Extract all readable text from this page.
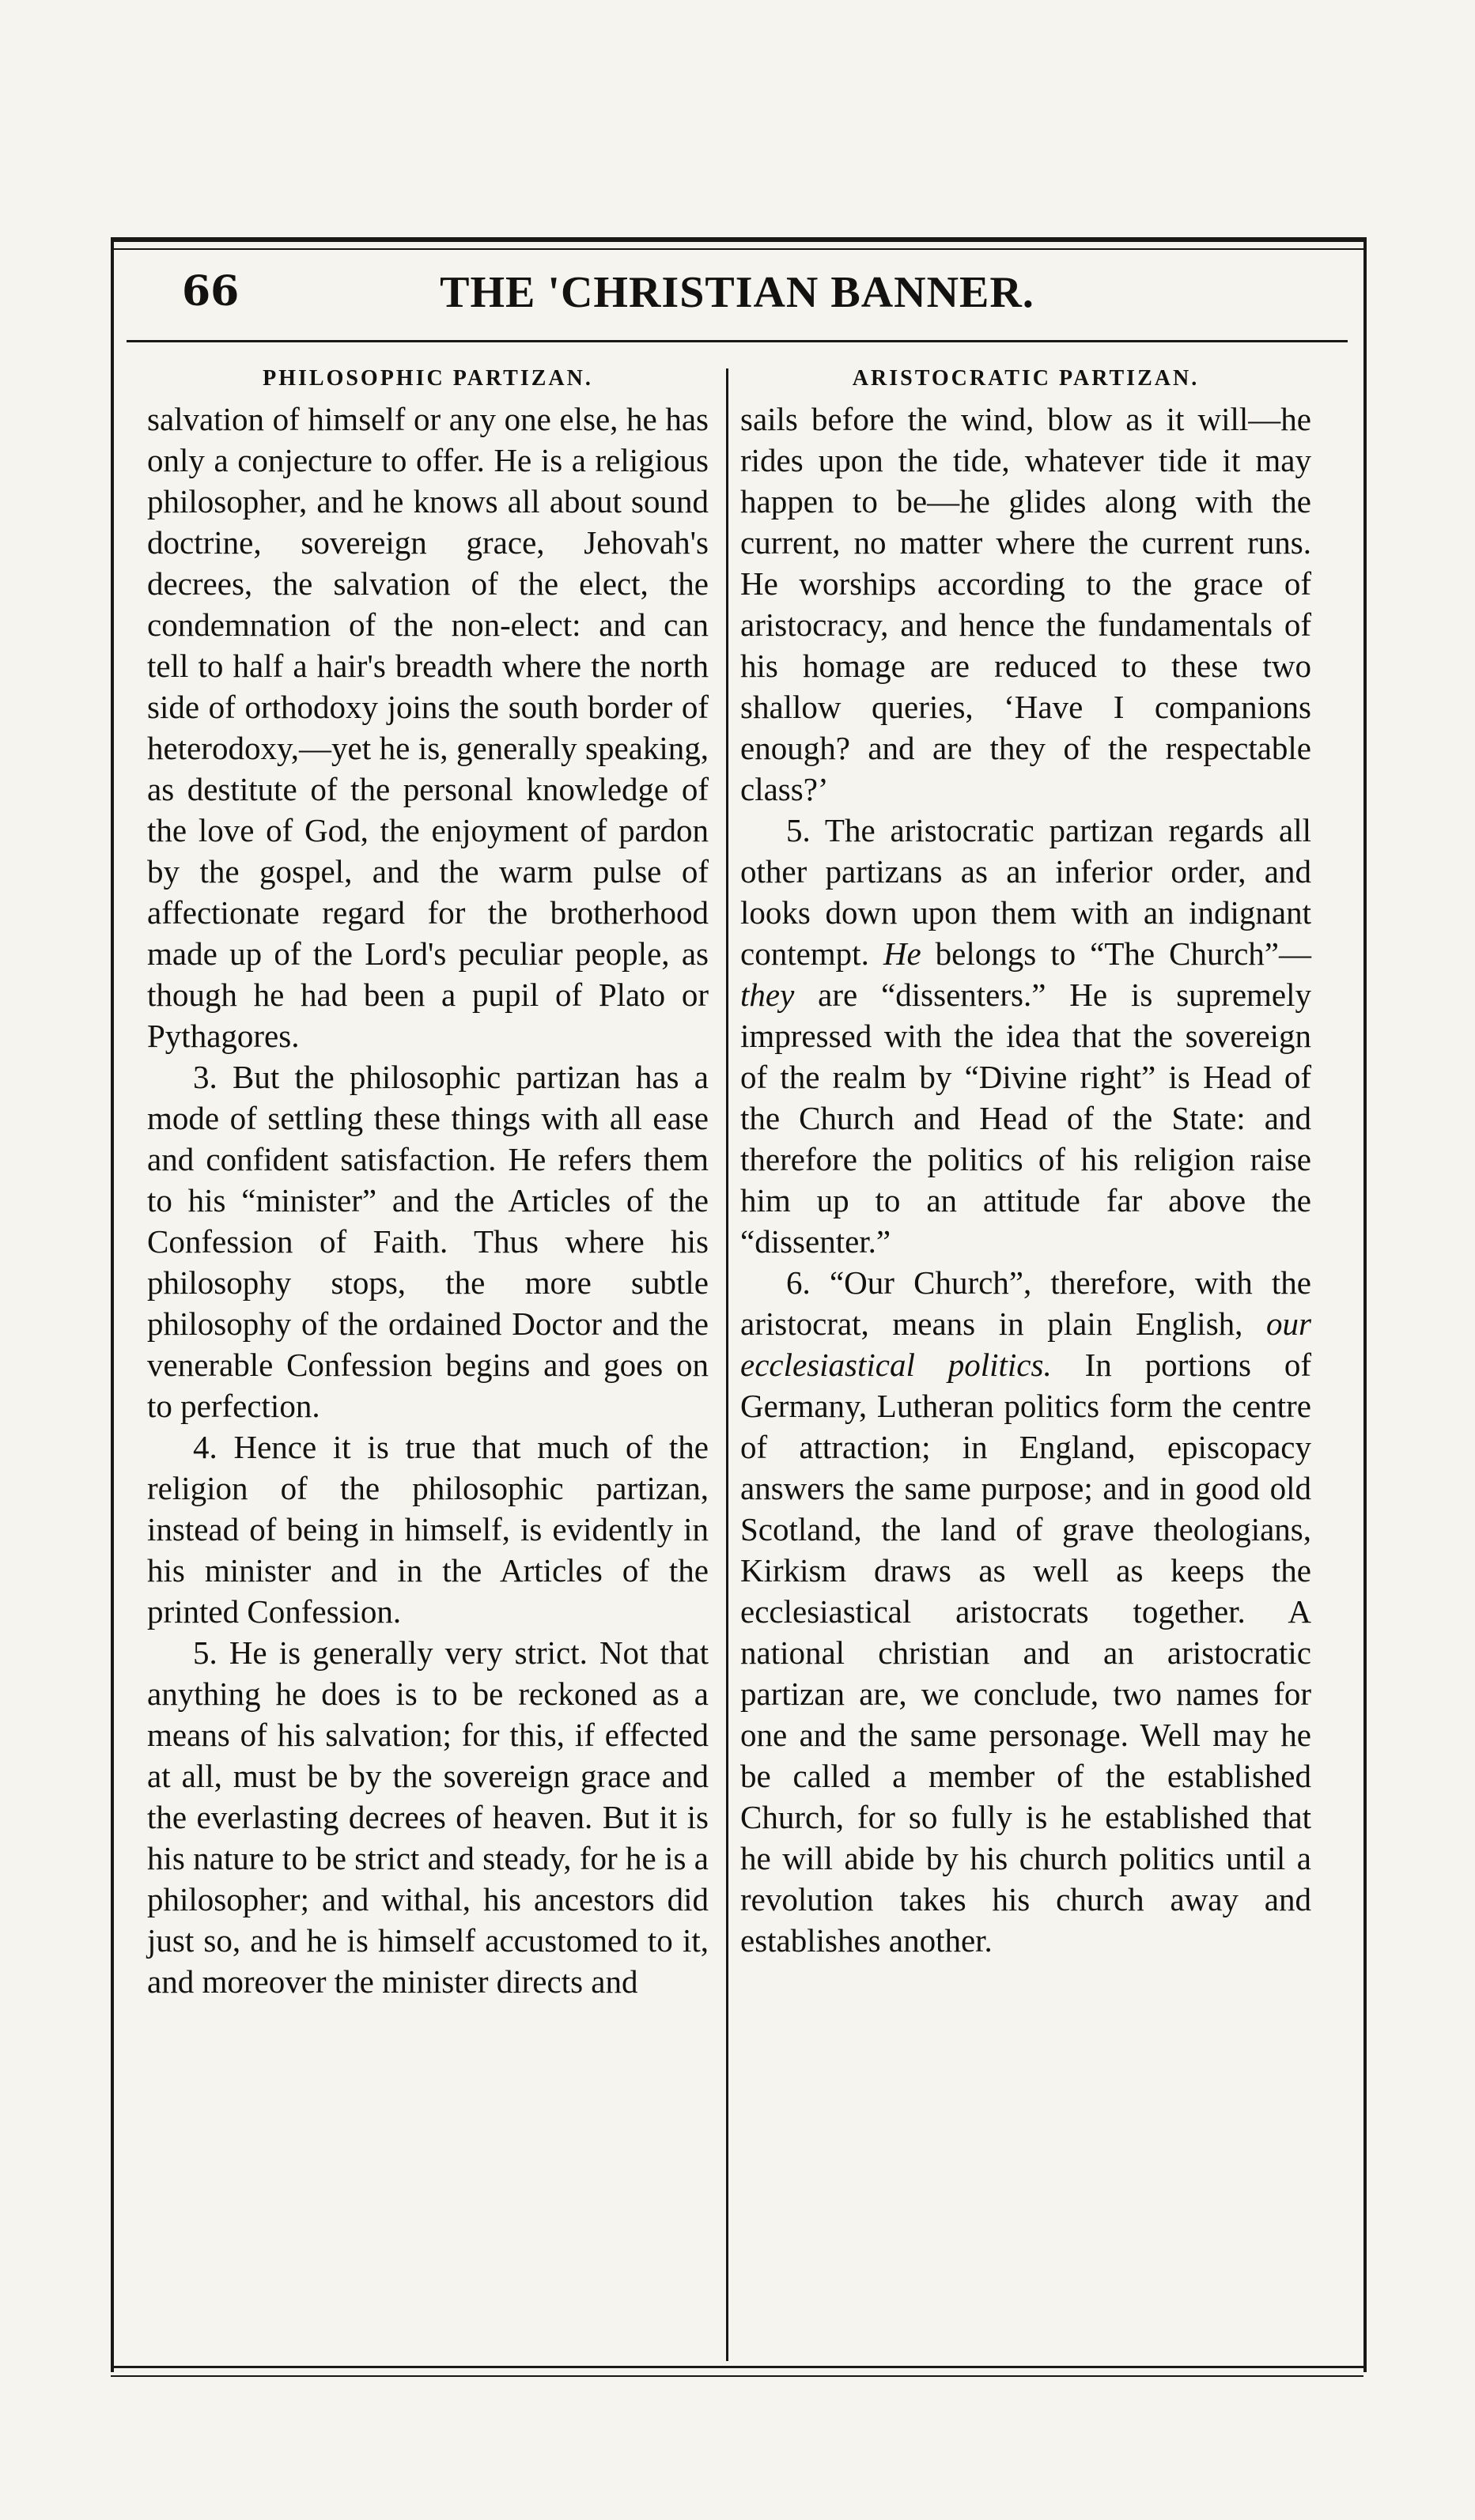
66	THE 'CHRISTIAN BANNER.
PHILOSOPHIC PARTIZAN.

salvation of himself or any one else, he has only a conjecture to offer. He is a religious philosopher, and he knows all about sound doctrine, sovereign grace, Jehovah's decrees, the salvation of the elect, the condemnation of the non-elect: and can tell to half a hair's breadth where the north side of orthodoxy joins the south border of heterodoxy,—yet he is, generally speaking, as destitute of the personal knowledge of the love of God, the enjoyment of pardon by the gospel, and the warm pulse of affectionate regard for the brotherhood made up of the Lord's peculiar people, as though he had been a pupil of Plato or Pythagores.

3. But the philosophic partizan has a mode of settling these things with all ease and confident satisfaction. He refers them to his “minister” and the Articles of the Confession of Faith. Thus where his philosophy stops, the more subtle philosophy of the ordained Doctor and the venerable Confession begins and goes on to perfection.

4. Hence it is true that much of the religion of the philosophic partizan, instead of being in himself, is evidently in his minister and in the Articles of the printed Confession.

5. He is generally very strict. Not that anything he does is to be reckoned as a means of his salvation; for this, if effected at all, must be by the sovereign grace and the everlasting decrees of heaven. But it is his nature to be strict and steady, for he is a philosopher; and withal, his ancestors did just so, and he is himself accustomed to it, and moreover the minister directs and

ARISTOCRATIC PARTIZAN.

sails before the wind, blow as it will—he rides upon the tide, whatever tide it may happen to be—he glides along with the current, no matter where the current runs. He worships according to the grace of aristocracy, and hence the fundamentals of his homage are reduced to these two shallow queries, ‘Have I companions enough? and are they of the respectable class?’

5. The aristocratic partizan regards all other partizans as an inferior order, and looks down upon them with an indignant contempt. He belongs to “The Church”—they are “dissenters.” He is supremely impressed with the idea that the sovereign of the realm by “Divine right” is Head of the Church and Head of the State: and therefore the politics of his religion raise him up to an attitude far above the “dissenter.”

6. “Our Church”, therefore, with the aristocrat, means in plain English, our ecclesiastical politics. In portions of Germany, Lutheran politics form the centre of attraction; in England, episcopacy answers the same purpose; and in good old Scotland, the land of grave theologians, Kirkism draws as well as keeps the ecclesiastical aristocrats together. A national christian and an aristocratic partizan are, we conclude, two names for one and the same personage. Well may he be called a member of the established Church, for so fully is he established that he will abide by his church politics until a revolution takes his church away and establishes another.
